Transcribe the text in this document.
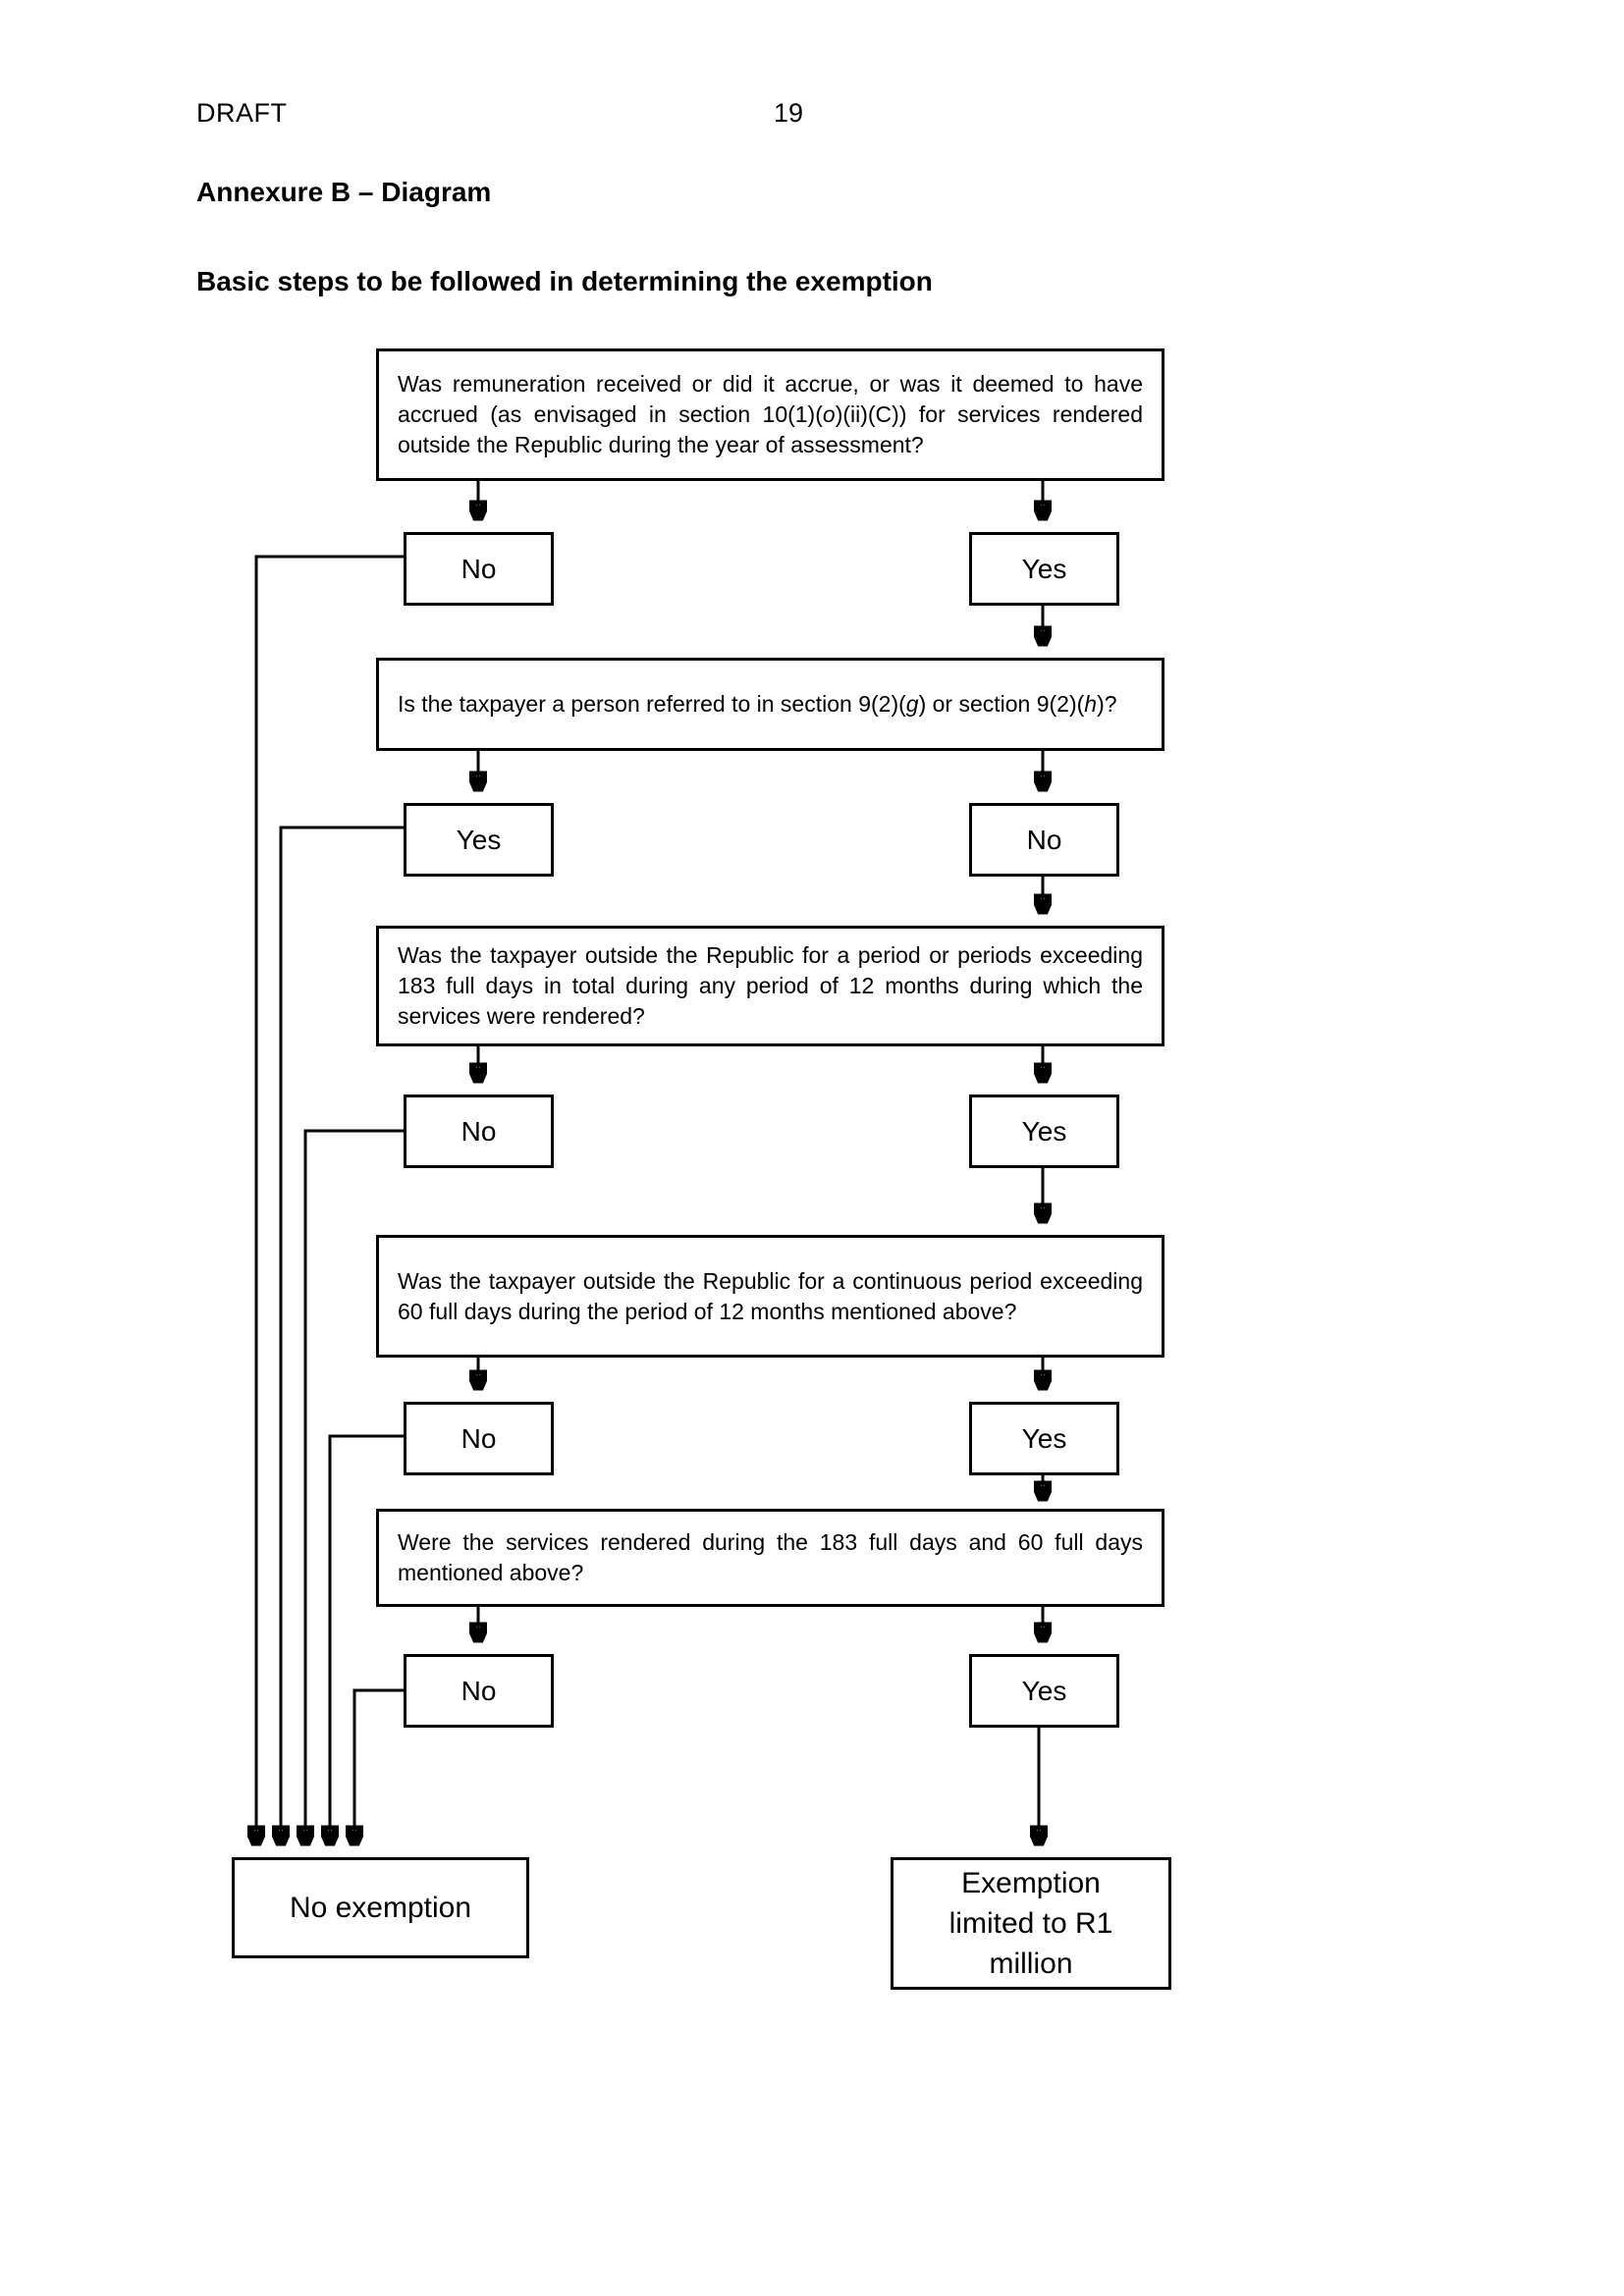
DRAFT	19
Annexure B – Diagram
Basic steps to be followed in determining the exemption

Was remuneration received or did it accrue, or was it deemed to have accrued (as envisaged in section 10(1)(o)(ii)(C)) for services rendered outside the Republic during the year of assessment?

Is the taxpayer a person referred to in section 9(2)(g) or section 9(2)(h)?

Was the taxpayer outside the Republic for a period or periods exceeding 183 full days in total during any period of 12 months during which the services were rendered?

Was the taxpayer outside the Republic for a continuous period exceeding 60 full days during the period of 12 months mentioned above?

Were the services rendered during the 183 full days and 60 full days mentioned above?

No	Yes
Yes	No
No	Yes
No	Yes
No	Yes
No exemption
Exemption limited to R1 million
